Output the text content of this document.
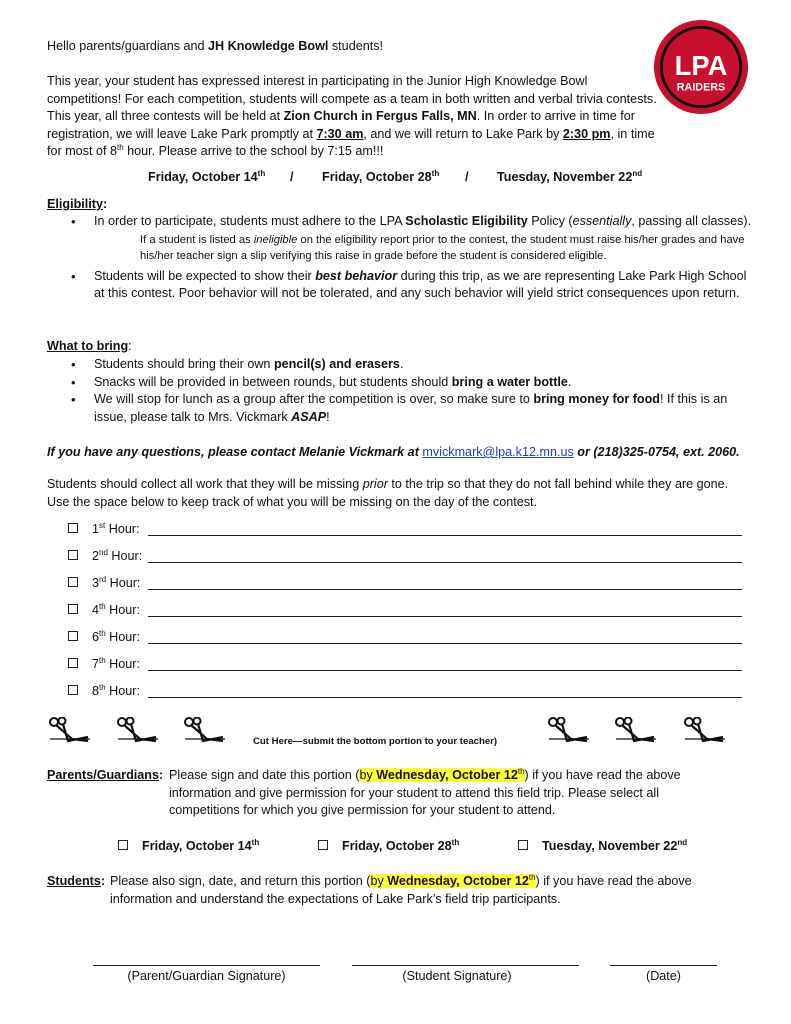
LPA
RAIDERS

Hello parents/guardians and JH Knowledge Bowl students!

This year, your student has expressed interest in participating in the Junior High Knowledge Bowl competitions! For each competition, students will compete as a team in both written and verbal trivia contests. This year, all three contests will be held at Zion Church in Fergus Falls, MN. In order to arrive in time for registration, we will leave Lake Park promptly at 7:30 am, and we will return to Lake Park by 2:30 pm, in time for most of 8th hour. Please arrive to the school by 7:15 am!!!

Friday, October 14th / Friday, October 28th / Tuesday, November 22nd

Eligibility:

• In order to participate, students must adhere to the LPA Scholastic Eligibility Policy (essentially, passing all classes).
If a student is listed as ineligible on the eligibility report prior to the contest, the student must raise his/her grades and have his/her teacher sign a slip verifying this raise in grade before the student is considered eligible.
• Students will be expected to show their best behavior during this trip, as we are representing Lake Park High School at this contest. Poor behavior will not be tolerated, and any such behavior will yield strict consequences upon return.

What to bring:

• Students should bring their own pencil(s) and erasers.
• Snacks will be provided in between rounds, but students should bring a water bottle.
• We will stop for lunch as a group after the competition is over, so make sure to bring money for food! If this is an issue, please talk to Mrs. Vickmark ASAP!

If you have any questions, please contact Melanie Vickmark at mvickmark@lpa.k12.mn.us or (218)325-0754, ext. 2060.

Students should collect all work that they will be missing prior to the trip so that they do not fall behind while they are gone. Use the space below to keep track of what you will be missing on the day of the contest.

1st Hour:
2nd Hour:
3rd Hour:
4th Hour:
6th Hour:
7th Hour:
8th Hour:

Cut Here—submit the bottom portion to your teacher)

Parents/Guardians: Please sign and date this portion (by Wednesday, October 12th) if you have read the above information and give permission for your student to attend this field trip. Please select all competitions for which you give permission for your student to attend.

Friday, October 14th	Friday, October 28th	Tuesday, November 22nd

Students: Please also sign, date, and return this portion (by Wednesday, October 12th) if you have read the above information and understand the expectations of Lake Park’s field trip participants.

(Parent/Guardian Signature)	(Student Signature)	(Date)
